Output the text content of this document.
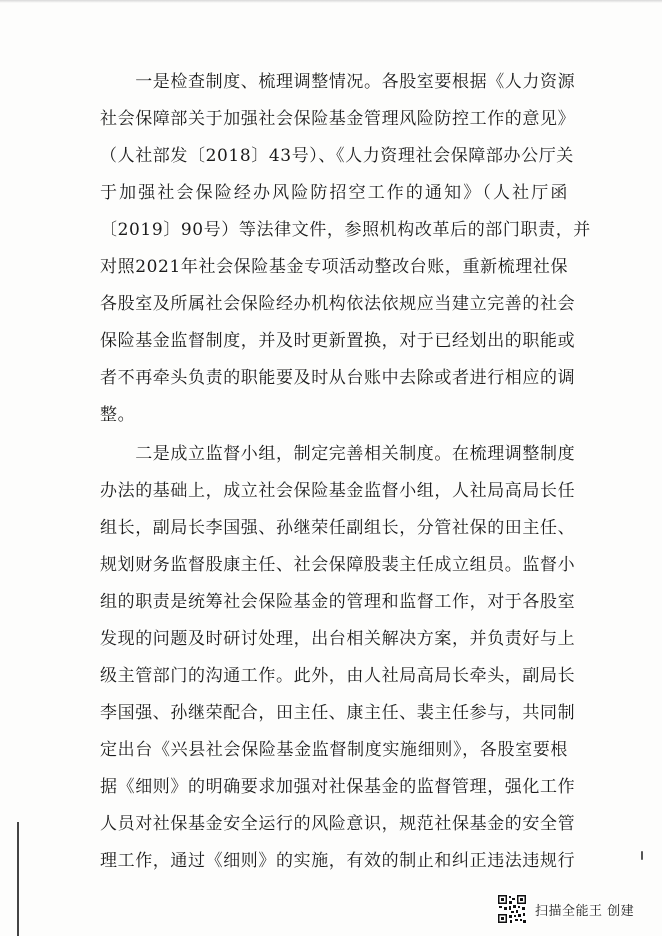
　　一是检查制度、梳理调整情况。各股室要根据《人力资源
社会保障部关于加强社会保险基金管理风险防控工作的意见》
（人社部发〔2018〕43号）、《人力资理社会保障部办公厅关
于加强社会保险经办风险防招空工作的通知》（人社厅函
〔2019〕90号）等法律文件，参照机构改革后的部门职责，并
对照2021年社会保险基金专项活动整改台账，重新梳理社保
各股室及所属社会保险经办机构依法依规应当建立完善的社会
保险基金监督制度，并及时更新置换，对于已经划出的职能或
者不再牵头负责的职能要及时从台账中去除或者进行相应的调
整。
　　二是成立监督小组，制定完善相关制度。在梳理调整制度
办法的基础上，成立社会保险基金监督小组，人社局高局长任
组长，副局长李国强、孙继荣任副组长，分管社保的田主任、
规划财务监督股康主任、社会保障股裴主任成立组员。监督小
组的职责是统筹社会保险基金的管理和监督工作，对于各股室
发现的问题及时研讨处理，出台相关解决方案，并负责好与上
级主管部门的沟通工作。此外，由人社局高局长牵头，副局长
李国强、孙继荣配合，田主任、康主任、裴主任参与，共同制
定出台《兴县社会保险基金监督制度实施细则》，各股室要根
据《细则》的明确要求加强对社保基金的监督管理，强化工作
人员对社保基金安全运行的风险意识，规范社保基金的安全管
理工作，通过《细则》的实施，有效的制止和纠正违法违规行
扫描全能王 创建
